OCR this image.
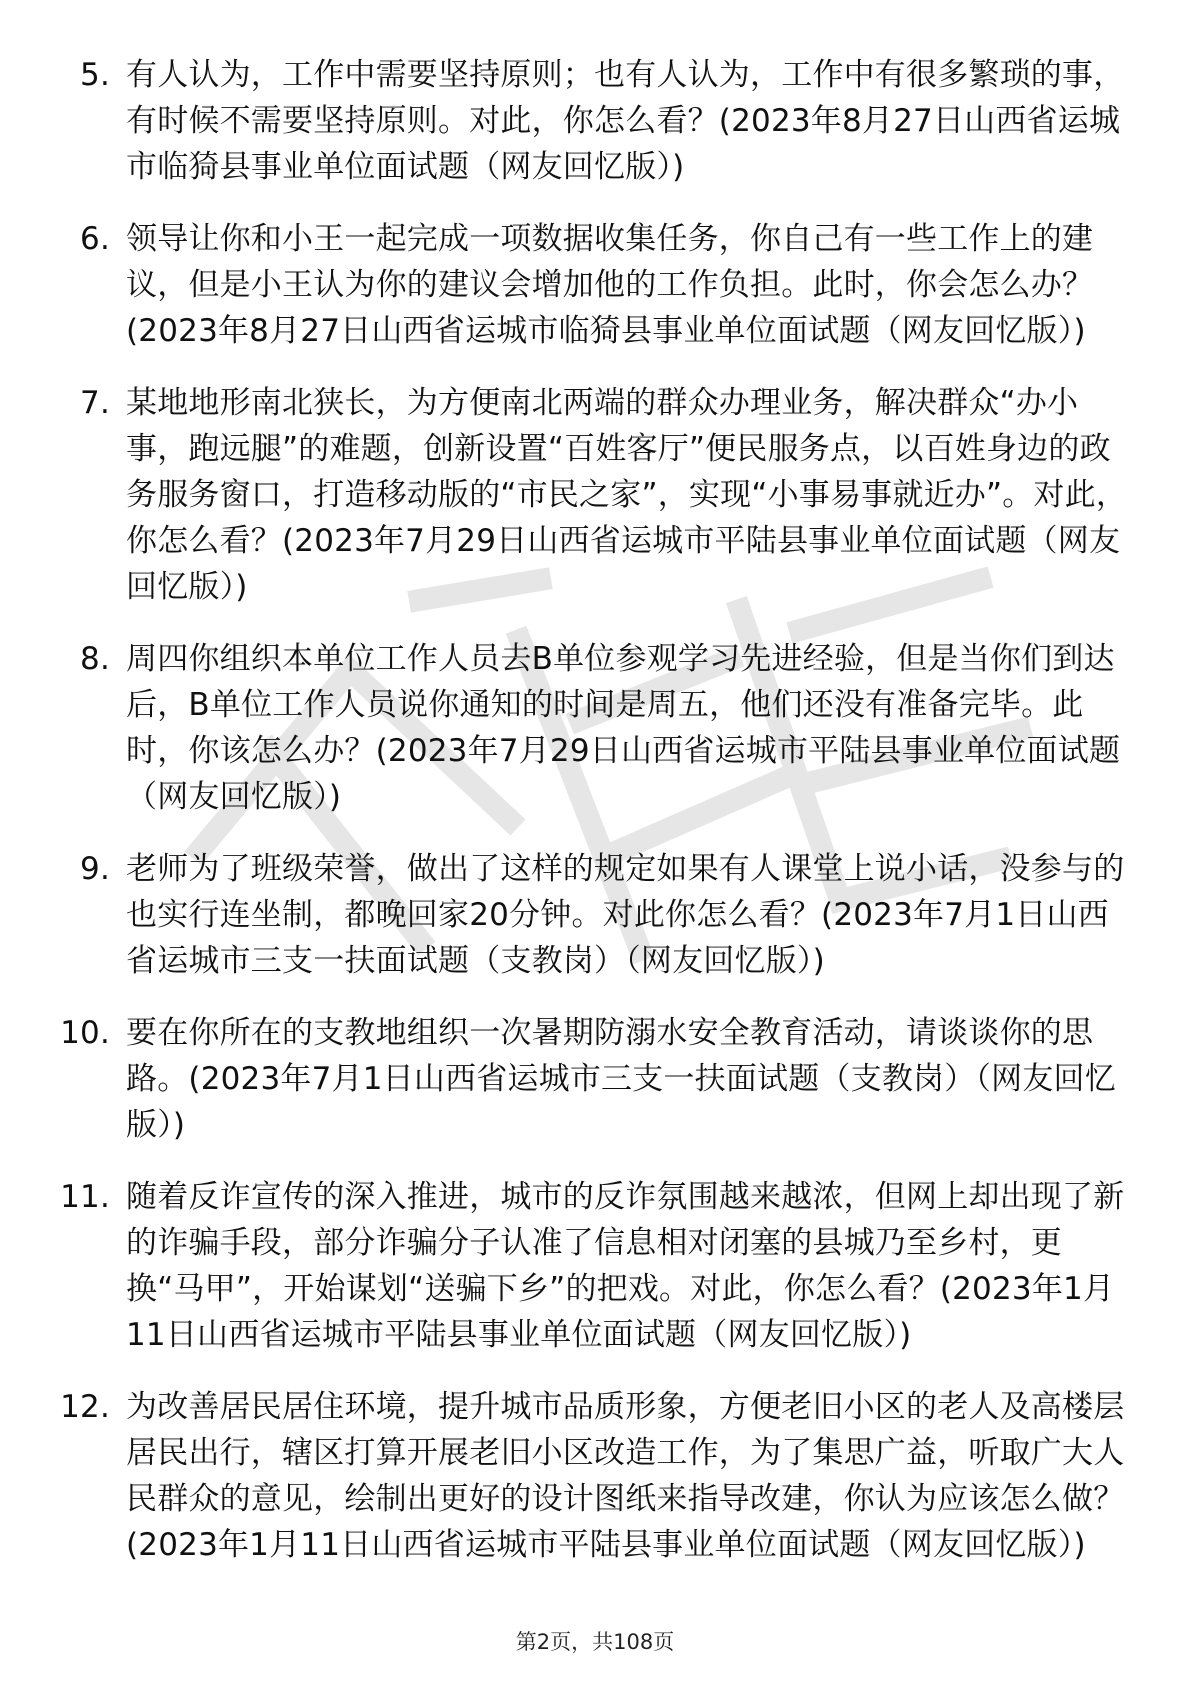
5. 有人认为，工作中需要坚持原则；也有人认为，工作中有很多繁琐的事，有时候不需要坚持原则。对此，你怎么看？(2023年8月27日山西省运城市临猗县事业单位面试题（网友回忆版）)
6. 领导让你和小王一起完成一项数据收集任务，你自己有一些工作上的建议，但是小王认为你的建议会增加他的工作负担。此时，你会怎么办？(2023年8月27日山西省运城市临猗县事业单位面试题（网友回忆版）)
7. 某地地形南北狭长，为方便南北两端的群众办理业务，解决群众“办小事，跑远腿”的难题，创新设置“百姓客厅”便民服务点，以百姓身边的政务服务窗口，打造移动版的“市民之家”，实现“小事易事就近办”。对此，你怎么看？(2023年7月29日山西省运城市平陆县事业单位面试题（网友回忆版）)
8. 周四你组织本单位工作人员去B单位参观学习先进经验，但是当你们到达后，B单位工作人员说你通知的时间是周五，他们还没有准备完毕。此时，你该怎么办？(2023年7月29日山西省运城市平陆县事业单位面试题（网友回忆版）)
9. 老师为了班级荣誉，做出了这样的规定如果有人课堂上说小话，没参与的也实行连坐制，都晚回家20分钟。对此你怎么看？(2023年7月1日山西省运城市三支一扶面试题（支教岗）（网友回忆版）)
10. 要在你所在的支教地组织一次暑期防溺水安全教育活动，请谈谈你的思路。(2023年7月1日山西省运城市三支一扶面试题（支教岗）（网友回忆版）)
11. 随着反诈宣传的深入推进，城市的反诈氛围越来越浓，但网上却出现了新的诈骗手段，部分诈骗分子认准了信息相对闭塞的县城乃至乡村，更换“马甲”，开始谋划“送骗下乡”的把戏。对此，你怎么看？(2023年1月11日山西省运城市平陆县事业单位面试题（网友回忆版）)
12. 为改善居民居住环境，提升城市品质形象，方便老旧小区的老人及高楼层居民出行，辖区打算开展老旧小区改造工作，为了集思广益，听取广大人民群众的意见，绘制出更好的设计图纸来指导改建，你认为应该怎么做？(2023年1月11日山西省运城市平陆县事业单位面试题（网友回忆版）)
第2页，共108页
